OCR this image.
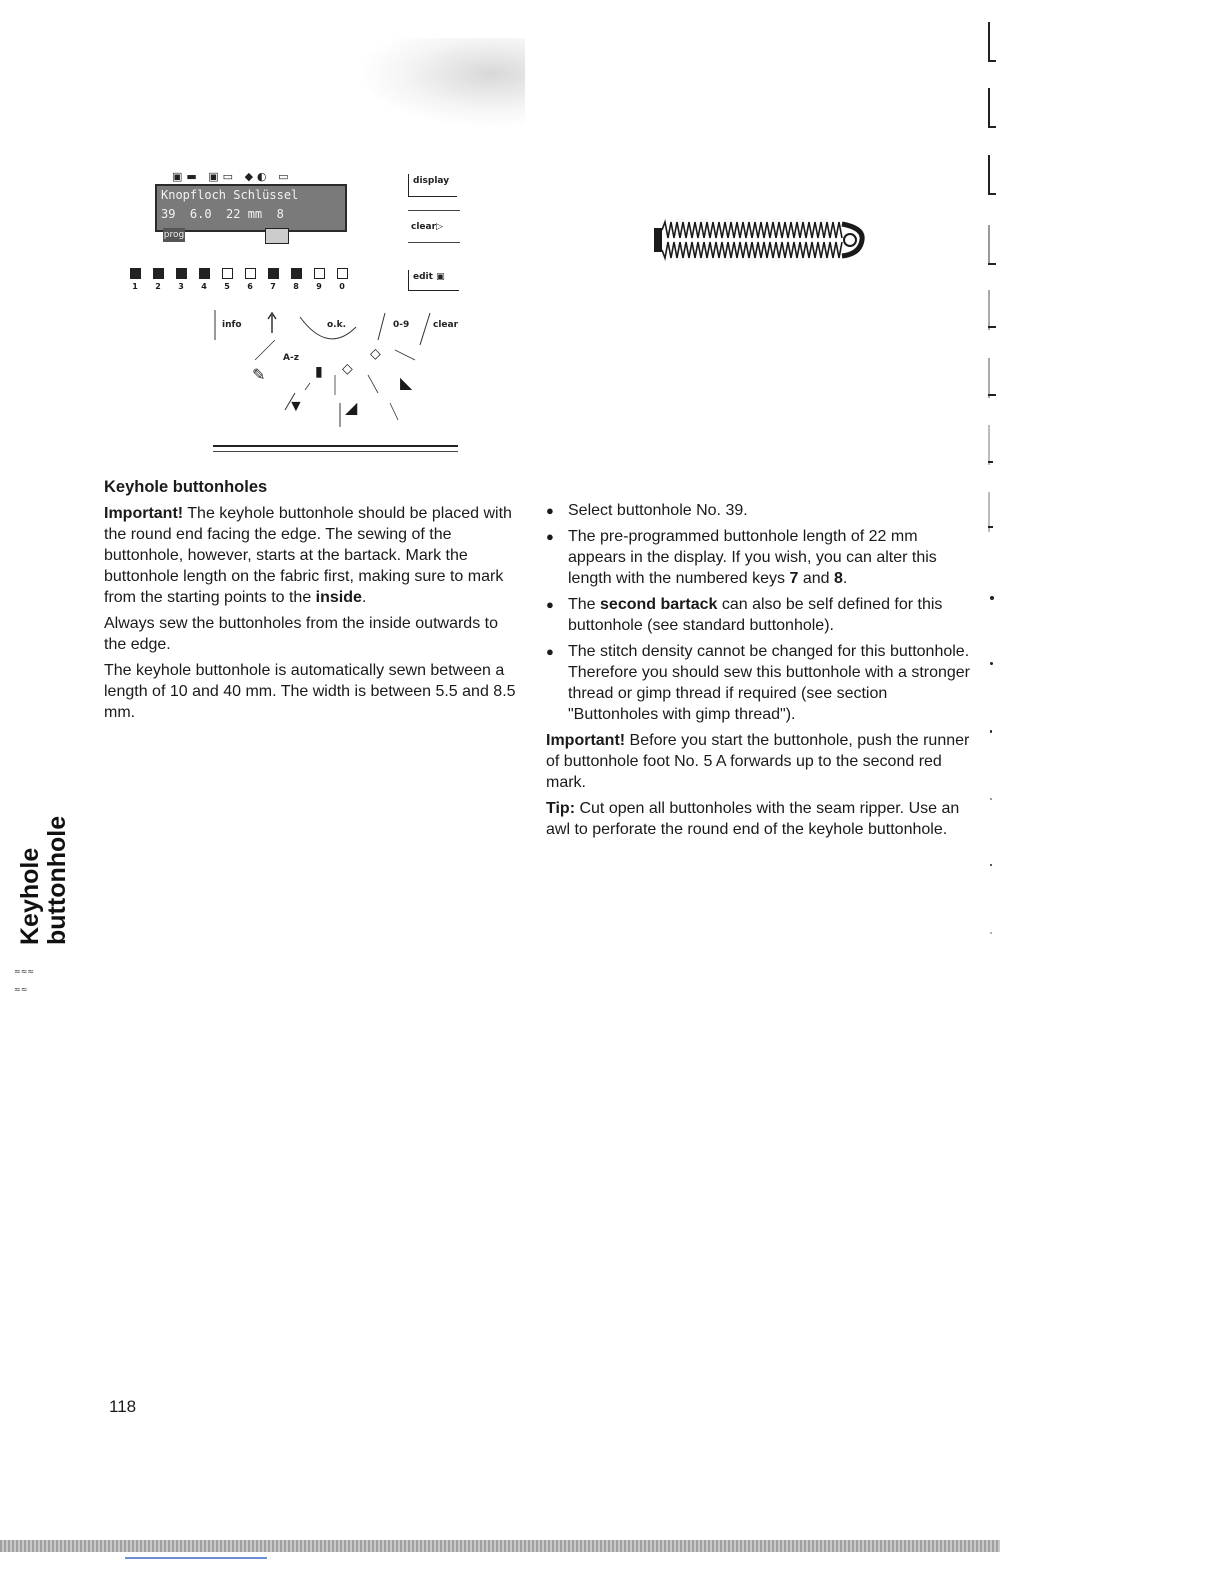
▣▬ ▣▭ ◆◐ ▭
Knopfloch Schlüssel
39  6.0  22 mm  8
prog
display
clear▷
edit ▣
1 2 3 4 5 6 7 8 9 0
info	o.k.	0-9	clear
A-z
✎	▮ ◇
◇
◣
▼	◢
Keyhole buttonholes

Important! The keyhole buttonhole should be placed with the round end facing the edge. The sewing of the buttonhole, however, starts at the bartack. Mark the buttonhole length on the fabric first, making sure to mark from the starting points to the inside.

Always sew the buttonholes from the inside outwards to the edge.

The keyhole buttonhole is automatically sewn between a length of 10 and 40 mm. The width is between 5.5 and 8.5 mm.

● Select buttonhole No. 39.
● The pre-programmed buttonhole length of 22 mm appears in the display. If you wish, you can alter this length with the numbered keys 7 and 8.
● The second bartack can also be self defined for this buttonhole (see standard buttonhole).
● The stitch density cannot be changed for this buttonhole. Therefore you should sew this buttonhole with a stronger thread or gimp thread if required (see section "Buttonholes with gimp thread").

Important! Before you start the buttonhole, push the runner of buttonhole foot No. 5 A forwards up to the second red mark.

Tip: Cut open all buttonholes with the seam ripper. Use an awl to perforate the round end of the keyhole buttonhole.

Keyhole buttonhole
≈≈≈
≈≈
118
